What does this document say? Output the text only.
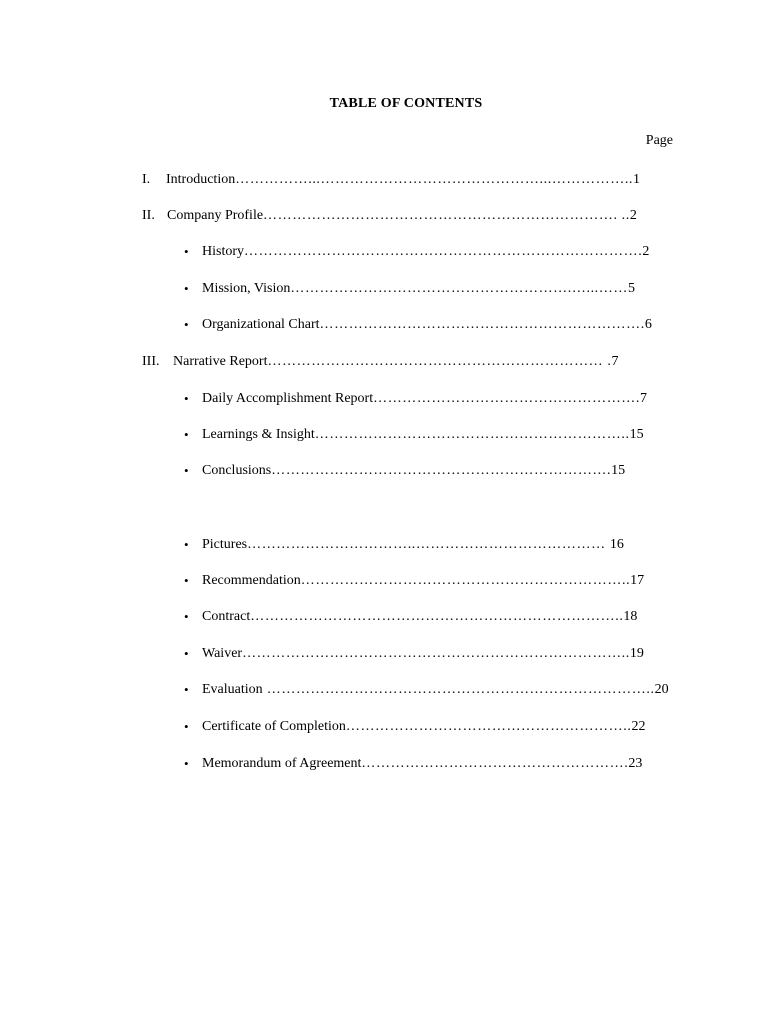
TABLE OF CONTENTS
Page
I. Introduction……………...………………………………………...……………..1
II. Company Profile………………………………………………………………. ..2
• History……………………………………………………………………….2
• Mission, Vision………………………………………………….…...……5
• Organizational Chart………………………………………………………….6
III. Narrative Report…………………………………………………………… .7
• Daily Accomplishment Report……………………………………………….7
• Learnings & Insight………………………………………………………..15
• Conclusions…………………………………………………………….15
• Pictures……………………………..………………………………… 16
• Recommendation…………………………………………………………..17
• Contract…………………………………………………………………..18
• Waiver……………………………………………………………………..19
• Evaluation ……………………………………………………………………..20
• Certificate of Completion…………………………………………………..22
• Memorandum of Agreement……………………………………………….23
